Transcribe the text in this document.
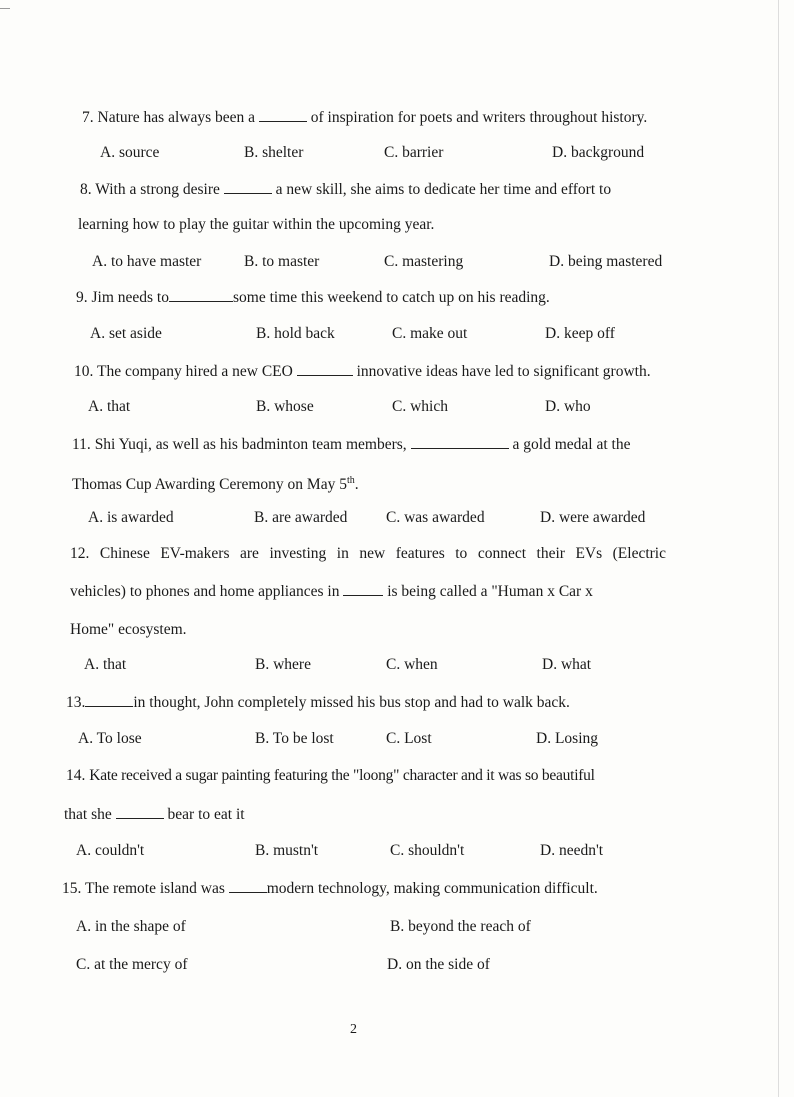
7. Nature has always been a	of inspiration for poets and writers throughout history.
A. source	B. shelter	C. barrier	D. background
8. With a strong desire	a new skill, she aims to dedicate her time and effort to
learning how to play the guitar within the upcoming year.
A. to have master	B. to master	C. mastering	D. being mastered
9. Jim needs to	some time this weekend to catch up on his reading.
A. set aside	B. hold back	C. make out	D. keep off
10. The company hired a new CEO	innovative ideas have led to significant growth.
A. that	B. whose	C. which	D. who
11. Shi Yuqi, as well as his badminton team members,	a gold medal at the
Thomas Cup Awarding Ceremony on May 5th.
A. is awarded	B. are awarded C. was awarded	D. were awarded
12. Chinese EV-makers are investing in new features to connect their EVs (Electric
vehicles) to phones and home appliances in	is being called a "Human x Car x
Home" ecosystem.
A. that	B. where	C. when	D. what
13.	in thought, John completely missed his bus stop and had to walk back.
A. To lose	B. To be lost	C. Lost	D. Losing
14. Kate received a sugar painting featuring the "loong" character and it was so beautiful
that she	bear to eat it
A. couldn't	B. mustn't	C. shouldn't	D. needn't
15. The remote island was	modern technology, making communication difficult.
A. in the shape of	B. beyond the reach of
C. at the mercy of	D. on the side of
2
